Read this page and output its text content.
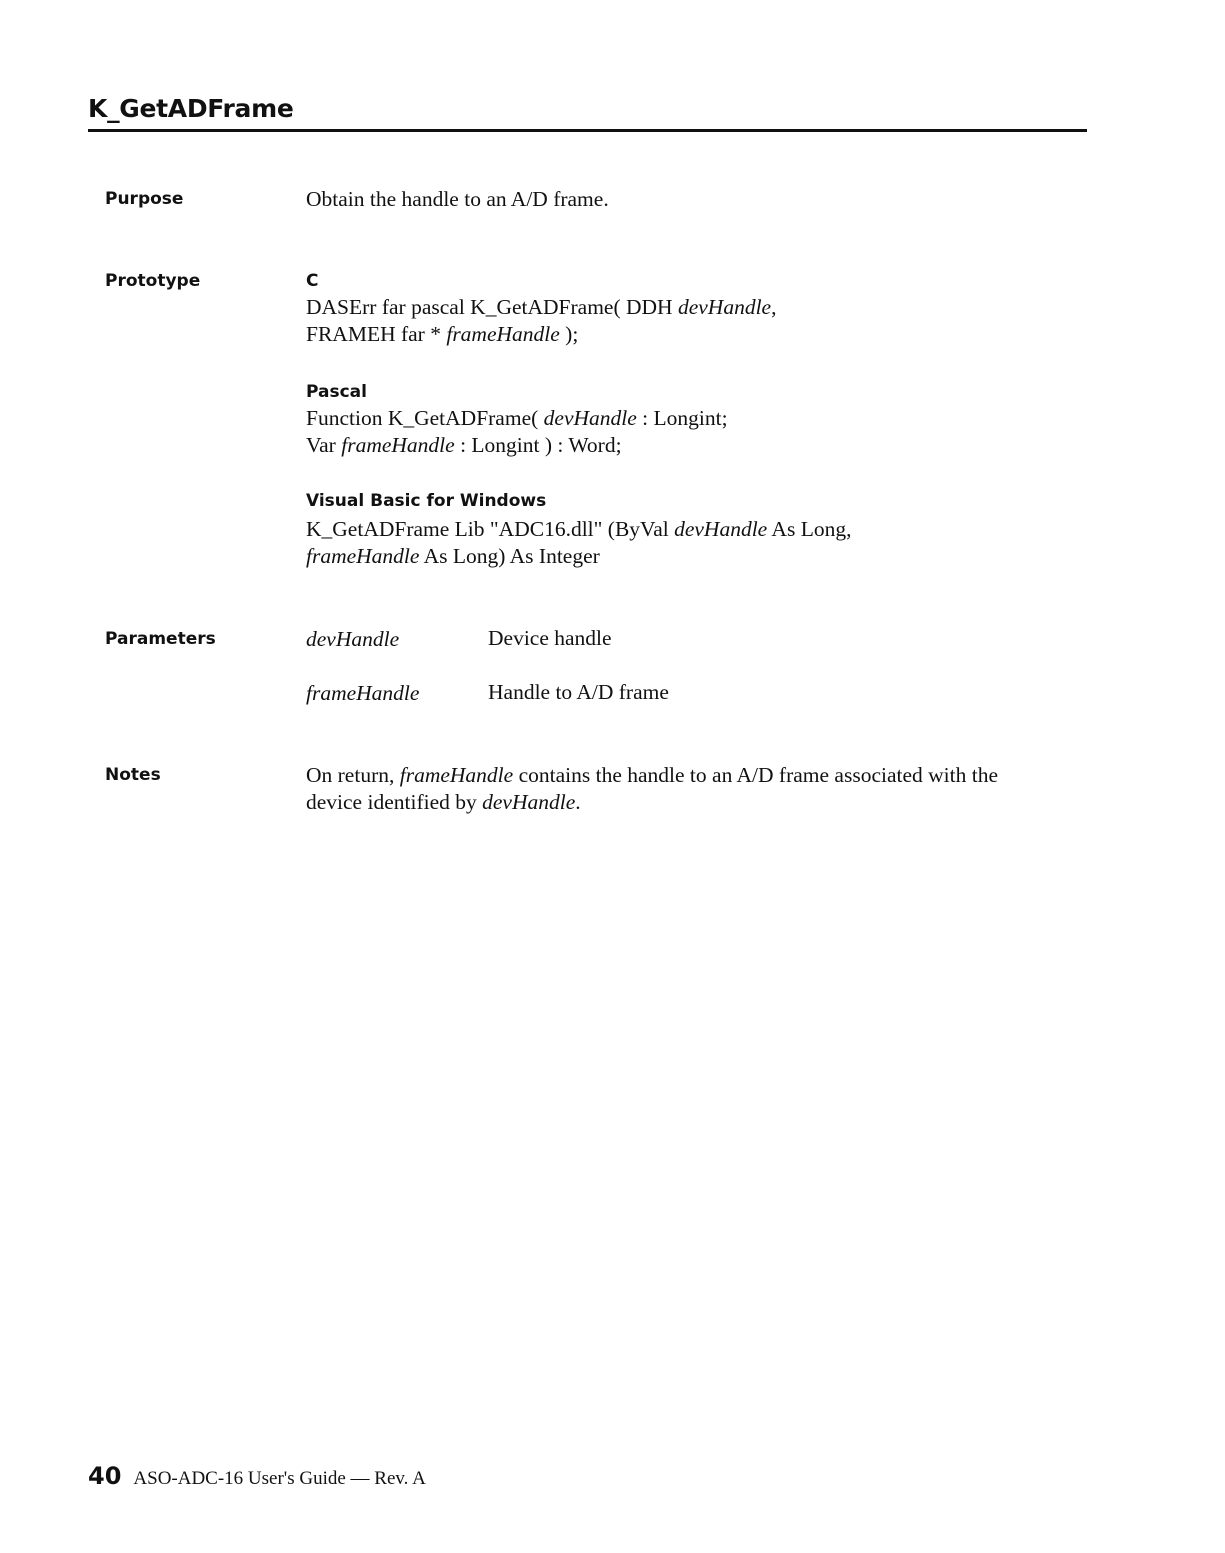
K_GetADFrame
Purpose	Obtain the handle to an A/D frame.
Prototype	C
DASErr far pascal K_GetADFrame( DDH devHandle,
FRAMEH far * frameHandle );
Pascal
Function K_GetADFrame( devHandle : Longint;
Var frameHandle : Longint ) : Word;
Visual Basic for Windows
K_GetADFrame Lib "ADC16.dll" (ByVal devHandle As Long,
frameHandle As Long) As Integer
Parameters	devHandle	Device handle
frameHandle	Handle to A/D frame
Notes	On return, frameHandle contains the handle to an A/D frame associated with the
device identified by devHandle.
40 ASO-ADC-16 User's Guide — Rev. A
